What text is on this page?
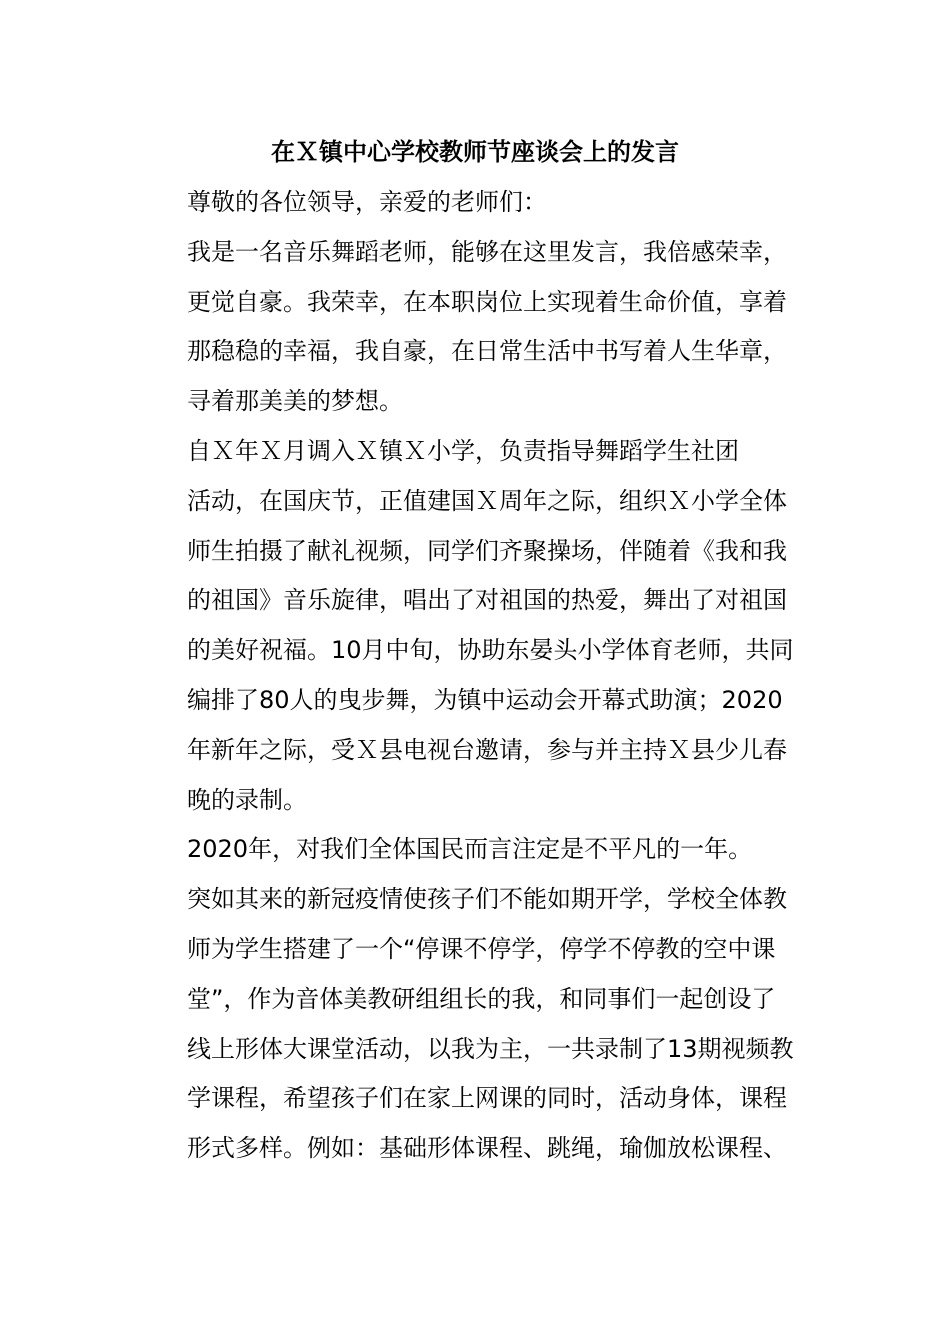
在Ｘ镇中心学校教师节座谈会上的发言

尊敬的各位领导，亲爱的老师们：

我是一名音乐舞蹈老师，能够在这里发言，我倍感荣幸，
更觉自豪。我荣幸，在本职岗位上实现着生命价值，享着
那稳稳的幸福，我自豪，在日常生活中书写着人生华章，
寻着那美美的梦想。

自Ｘ年Ｘ月调入Ｘ镇Ｘ小学，负责指导舞蹈学生社团
活动，在国庆节，正值建国Ｘ周年之际，组织Ｘ小学全体
师生拍摄了献礼视频，同学们齐聚操场，伴随着《我和我
的祖国》音乐旋律，唱出了对祖国的热爱，舞出了对祖国
的美好祝福。10月中旬，协助东晏头小学体育老师，共同
编排了80人的曳步舞，为镇中运动会开幕式助演；2020
年新年之际，受Ｘ县电视台邀请，参与并主持Ｘ县少儿春
晚的录制。

2020年，对我们全体国民而言注定是不平凡的一年。
突如其来的新冠疫情使孩子们不能如期开学，学校全体教
师为学生搭建了一个“停课不停学，停学不停教的空中课
堂”，作为音体美教研组组长的我，和同事们一起创设了
线上形体大课堂活动，以我为主，一共录制了13期视频教
学课程，希望孩子们在家上网课的同时，活动身体，课程
形式多样。例如：基础形体课程、跳绳，瑜伽放松课程、
